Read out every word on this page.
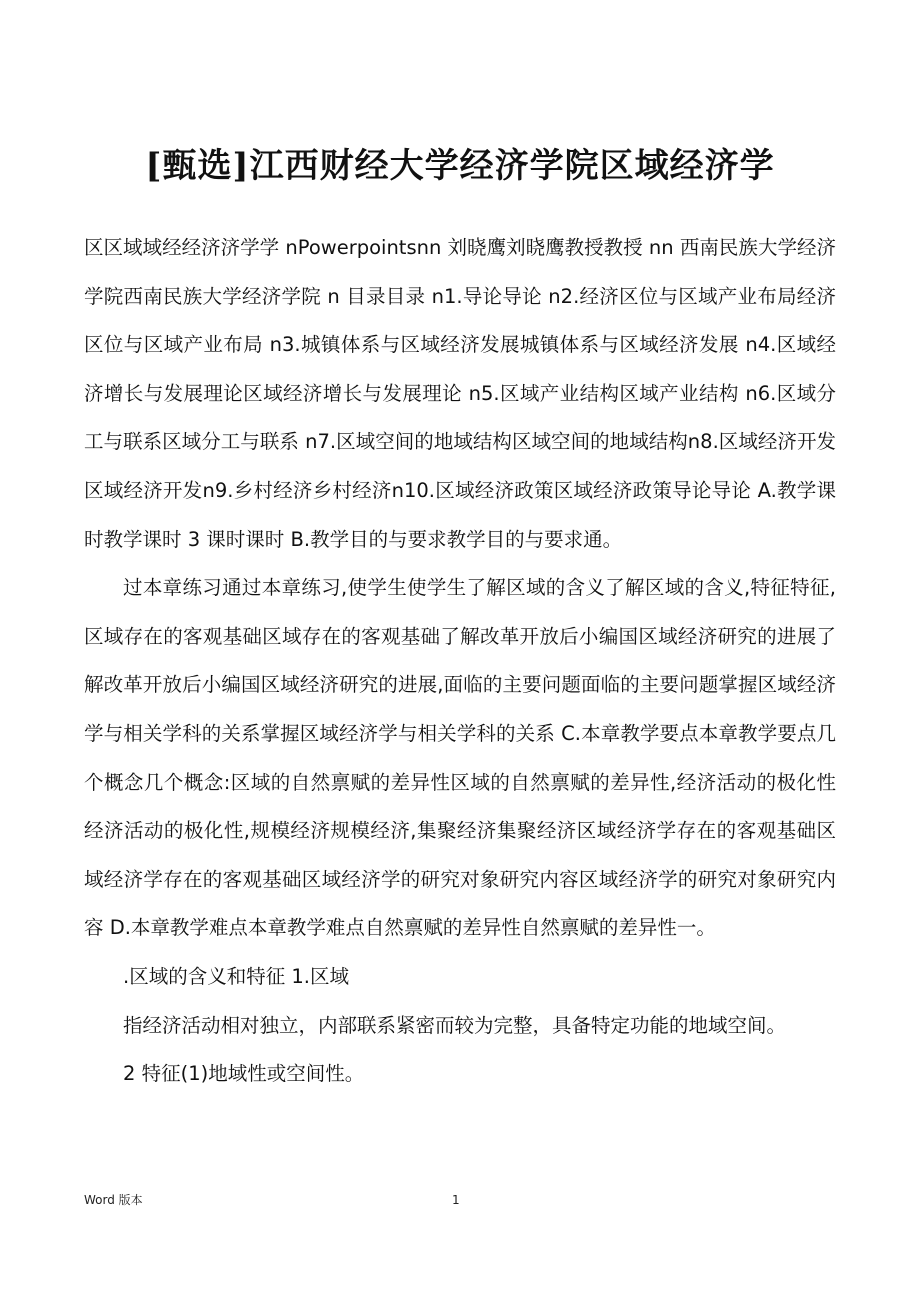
[甄选]江西财经大学经济学院区域经济学

区区域域经经济济学学 nPowerpointsnn 刘晓鹰刘晓鹰教授教授 nn 西南民族大学经济学院西南民族大学经济学院 n 目录目录 n1.导论导论 n2.经济区位与区域产业布局经济区位与区域产业布局 n3.城镇体系与区域经济发展城镇体系与区域经济发展 n4.区域经济增长与发展理论区域经济增长与发展理论 n5.区域产业结构区域产业结构 n6.区域分工与联系区域分工与联系 n7.区域空间的地域结构区域空间的地域结构n8.区域经济开发区域经济开发n9.乡村经济乡村经济n10.区域经济政策区域经济政策导论导论 A.教学课时教学课时 3 课时课时 B.教学目的与要求教学目的与要求通。

过本章练习通过本章练习,使学生使学生了解区域的含义了解区域的含义,特征特征,区域存在的客观基础区域存在的客观基础了解改革开放后小编国区域经济研究的进展了解改革开放后小编国区域经济研究的进展,面临的主要问题面临的主要问题掌握区域经济学与相关学科的关系掌握区域经济学与相关学科的关系 C.本章教学要点本章教学要点几个概念几个概念:区域的自然禀赋的差异性区域的自然禀赋的差异性,经济活动的极化性经济活动的极化性,规模经济规模经济,集聚经济集聚经济区域经济学存在的客观基础区域经济学存在的客观基础区域经济学的研究对象研究内容区域经济学的研究对象研究内容 D.本章教学难点本章教学难点自然禀赋的差异性自然禀赋的差异性一。

.区域的含义和特征 1.区域

指经济活动相对独立，内部联系紧密而较为完整，具备特定功能的地域空间。

2 特征(1)地域性或空间性。

Word 版本	1
